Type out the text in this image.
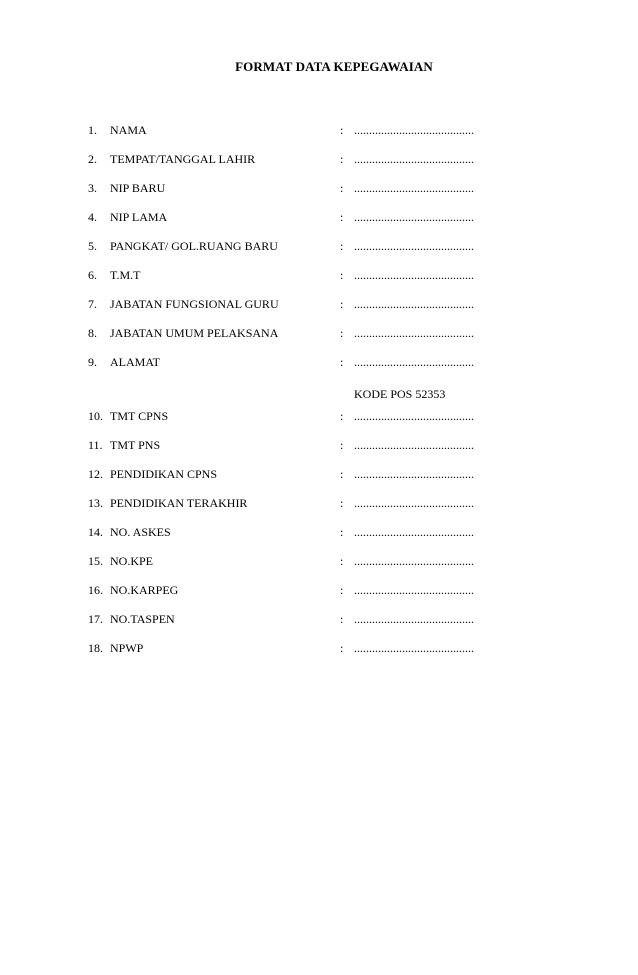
FORMAT DATA KEPEGAWAIAN
1. NAMA	: ........................................
2. TEMPAT/TANGGAL LAHIR	: ........................................
3. NIP BARU	: ........................................
4. NIP LAMA	: ........................................
5. PANGKAT/ GOL.RUANG BARU	: ........................................
6. T.M.T	: ........................................
7. JABATAN FUNGSIONAL GURU	: ........................................
8. JABATAN UMUM PELAKSANA	: ........................................
9. ALAMAT	: ........................................
KODE POS 52353
10. TMT CPNS	: ........................................
11. TMT PNS	: ........................................
12. PENDIDIKAN CPNS	: ........................................
13. PENDIDIKAN TERAKHIR	: ........................................
14. NO. ASKES	: ........................................
15. NO.KPE	: ........................................
16. NO.KARPEG	: ........................................
17. NO.TASPEN	: ........................................
18. NPWP	: ........................................
